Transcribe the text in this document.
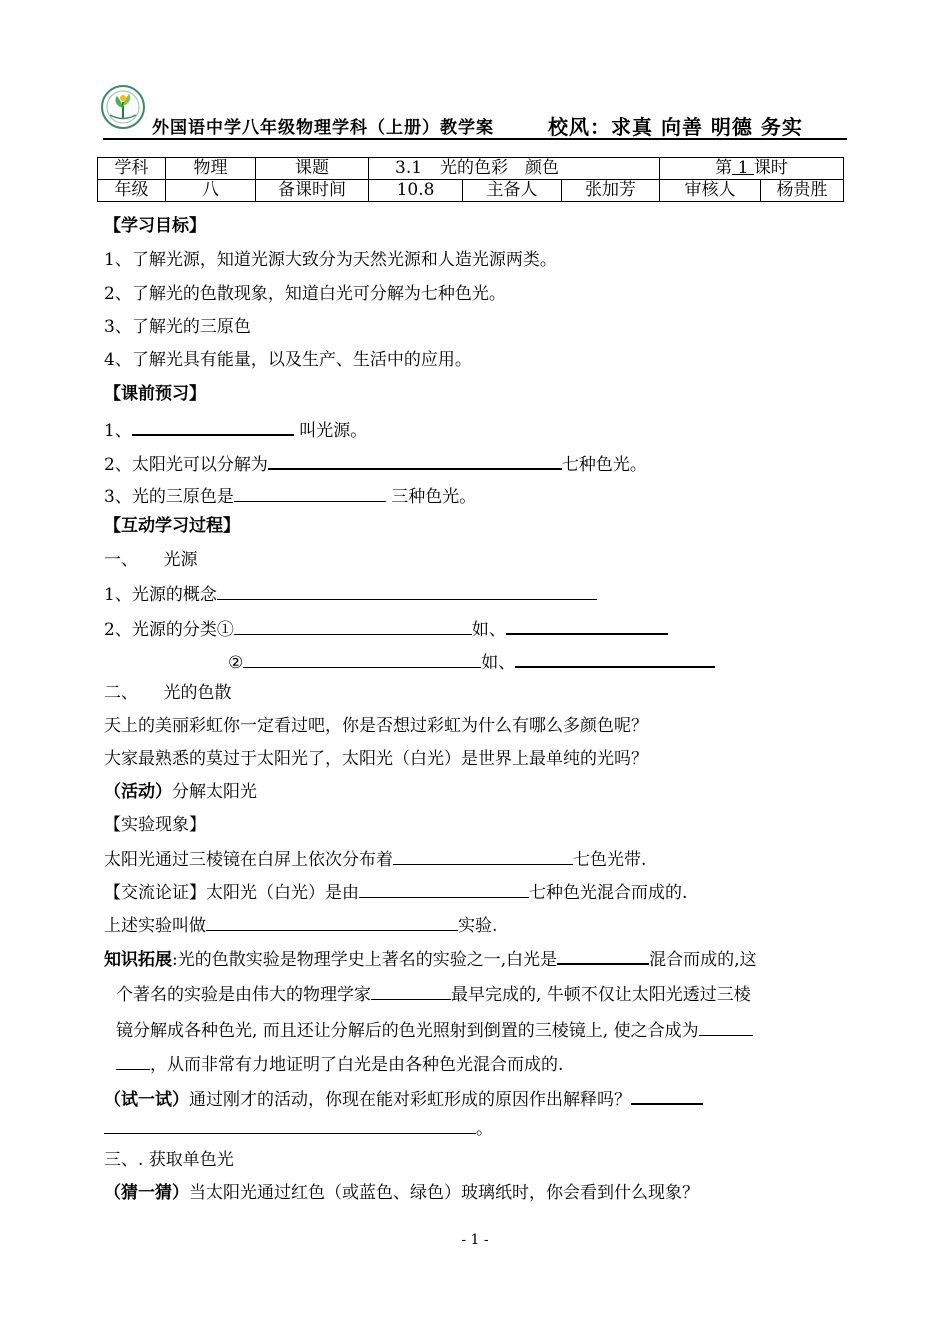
外国语中学八年级物理学科（上册）教学案	校风：求真 向善 明德 务实
学科	物理	课题	3.1 光的色彩　颜色			第 1 课时	
年级	八	备课时间	10.8	主备人	张加芳	审核人	杨贵胜
【学习目标】
1、了解光源，知道光源大致分为天然光源和人造光源两类。
2、了解光的色散现象，知道白光可分解为七种色光。
3、了解光的三原色
4、了解光具有能量，以及生产、生活中的应用。
【课前预习】
1、	叫光源。
2、太阳光可以分解为	七种色光。
3、光的三原色是	三种色光。
【互动学习过程】
一、　　光源
1、光源的概念
2、光源的分类①	如、
②	如、
二、　　光的色散
天上的美丽彩虹你一定看过吧，你是否想过彩虹为什么有哪么多颜色呢？
大家最熟悉的莫过于太阳光了，太阳光（白光）是世界上最单纯的光吗？
（活动）分解太阳光
【实验现象】
太阳光通过三棱镜在白屏上依次分布着	七色光带.
【交流论证】太阳光（白光）是由	七种色光混合而成的.
上述实验叫做	实验.
知识拓展:光的色散实验是物理学史上著名的实验之一,白光是	混合而成的,这
个著名的实验是由伟大的物理学家	最早完成的, 牛顿不仅让太阳光透过三棱
镜分解成各种色光, 而且还让分解后的色光照射到倒置的三棱镜上, 使之合成为
，从而非常有力地证明了白光是由各种色光混合而成的.
（试一试）通过刚才的活动，你现在能对彩虹形成的原因作出解释吗？
。
三、. 获取单色光
（猜一猜）当太阳光通过红色（或蓝色、绿色）玻璃纸时，你会看到什么现象？
- 1 -
